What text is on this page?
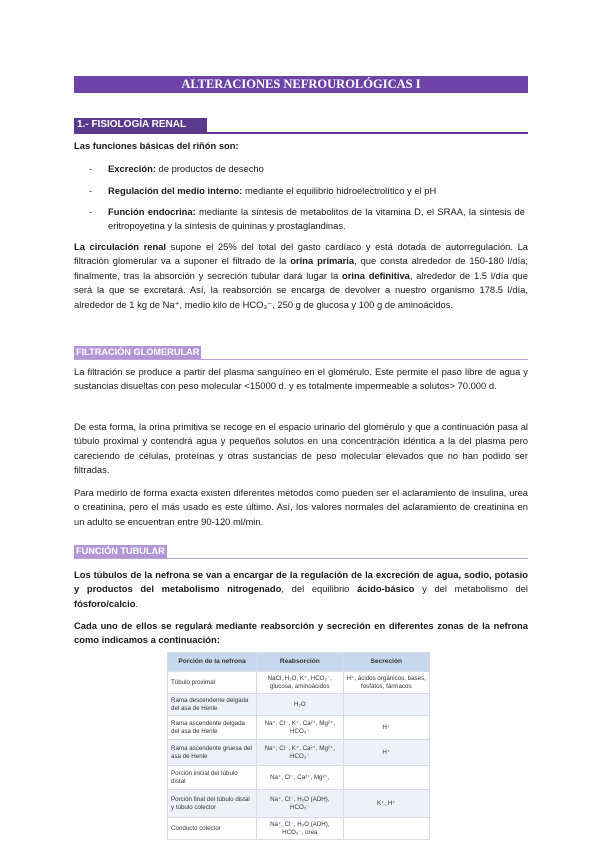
ALTERACIONES NEFROUROLÓGICAS I
1.- FISIOLOGÍA RENAL

Las funciones básicas del riñón son:

-	Excreción: de productos de desecho

-	Regulación del medio interno: mediante el equilibrio hidroelectrolítico y el pH

-	Función endocrina: mediante la síntesis de metabolitos de la vitamina D, el SRAA, la síntesis de eritropoyetina y la síntesis de quininas y prostaglandinas.

La circulación renal supone el 25% del total del gasto cardíaco y está dotada de autorregulación. La filtración glomerular va a suponer el filtrado de la orina primaria, que consta alrededor de 150-180 l/día; finalmente, tras la absorción y secreción tubular dará lugar la orina definitiva, alrededor de 1.5 l/día que será la que se excretará. Así, la reabsorción se encarga de devolver a nuestro organismo 178.5 l/día, alrededor de 1 kg de Na⁺, medio kilo de HCO₃⁻, 250 g de glucosa y 100 g de aminoácidos.

FILTRACIÓN GLOMERULAR

La filtración se produce a partir del plasma sanguíneo en el glomérulo. Este permite el paso libre de agua y sustancias disueltas con peso molecular <15000 d. y es totalmente impermeable a solutos> 70.000 d.

De esta forma, la orina primitiva se recoge en el espacio urinario del glomérulo y que a continuación pasa al túbulo proximal y contendrá agua y pequeños solutos en una concentración idéntica a la del plasma pero careciendo de células, proteínas y otras sustancias de peso molecular elevados que no han podido ser filtradas.

Para medirlo de forma exacta existen diferentes métodos como pueden ser el aclaramiento de insulina, urea o creatinina, pero el más usado es este último. Así, los valores normales del aclaramiento de creatinina en un adulto se encuentran entre 90-120 ml/min.

FUNCIÓN TUBULAR

Los túbulos de la nefrona se van a encargar de la regulación de la excreción de agua, sodio, potasio y productos del metabolismo nitrogenado, del equilibrio ácido-básico y del metabolismo del fósforo/calcio.

Cada uno de ellos se regulará mediante reabsorción y secreción en diferentes zonas de la nefrona como indicamos a continuación:

Porción de la nefrona	Reabsorción	Secreción
Túbulo proximal	NaCl, H₂O, K⁺, HCO₃⁻, glucosa, aminoácidos	H⁺, ácidos orgánicos, bases, fosfatos, fármacos
Rama descendente delgada del asa de Henle	H₂O	
Rama ascendente delgada del asa de Henle	Na⁺, Cl⁻, K⁺, Ca²⁺, Mg²⁺, HCO₃⁻	H⁺
Rama ascendente gruesa del asa de Henle	Na⁺, Cl⁻, K⁺, Ca²⁺, Mg²⁺, HCO₃⁻	H⁺
Porción inicial del túbulo distal	Na⁺, Cl⁻, Ca²⁺, Mg²⁺,	
Porción final del túbulo distal y túbulo colector	Na⁺, Cl⁻, H₂O (ADH), HCO₃⁻	K⁺, H⁺
Conducto colector	Na⁺, Cl⁻, H₂O (ADH), HCO₃⁻, urea	
